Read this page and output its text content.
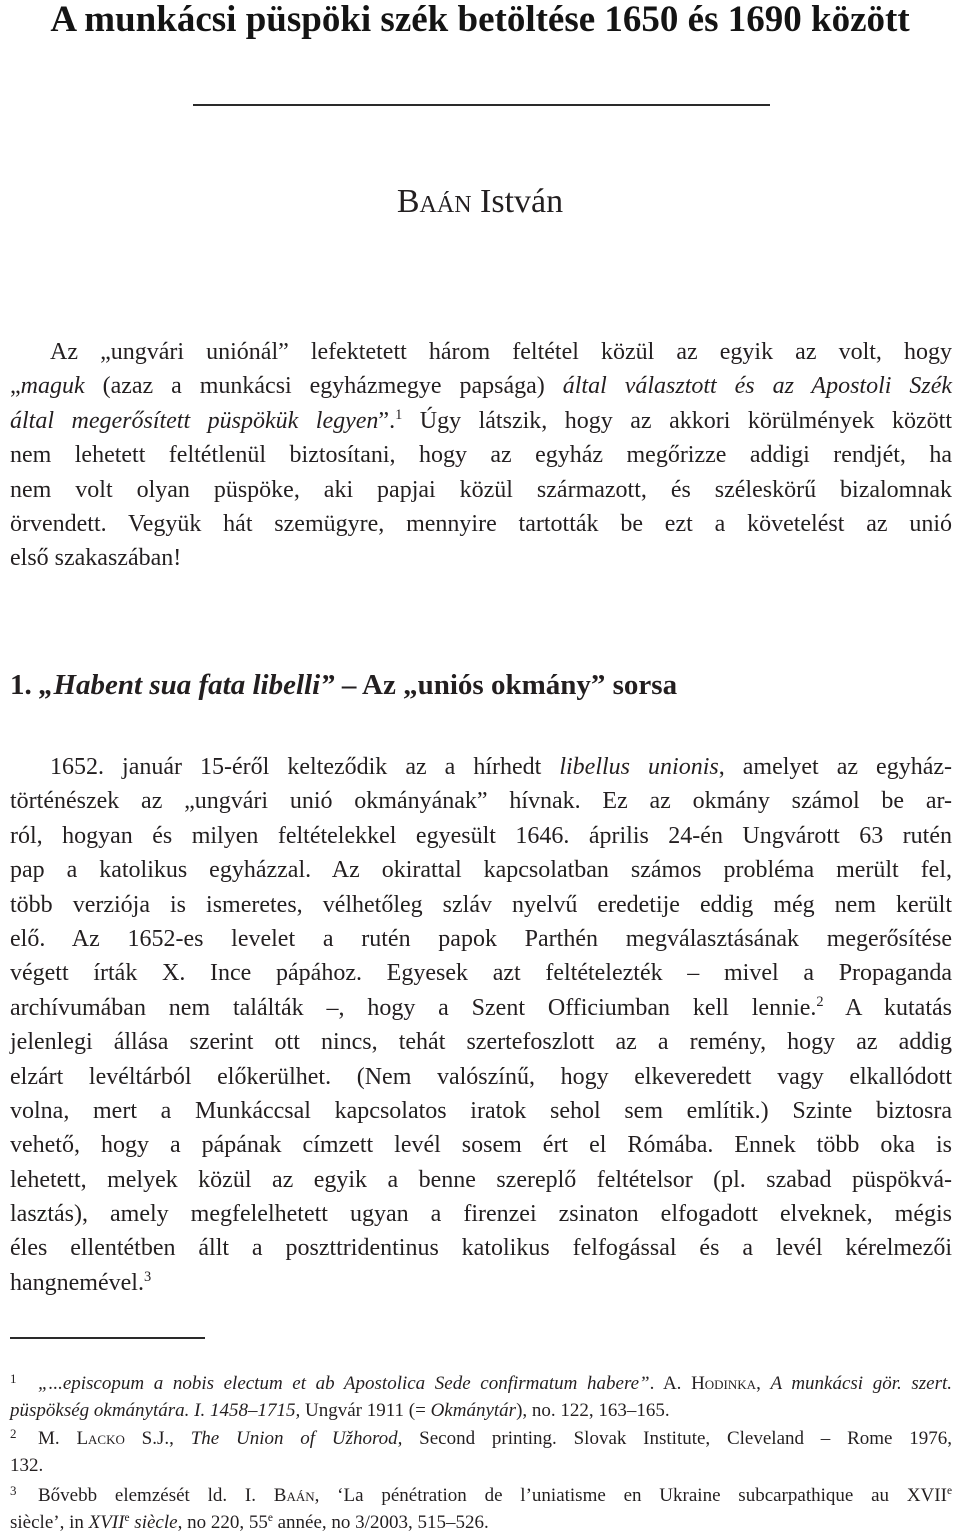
A munkácsi püspöki szék betöltése 1650 és 1690 között
Baán István
Az „ungvári uniónál” lefektetett három feltétel közül az egyik az volt, hogy
„maguk (azaz a munkácsi egyházmegye papsága) által választott és az Apostoli Szék
által megerősített püspökük legyen”.$^1$ Úgy látszik, hogy az akkori körülmények között
nem lehetett feltétlenül biztosítani, hogy az egyház megőrizze addigi rendjét, ha
nem volt olyan püspöke, aki papjai közül származott, és széleskörű bizalomnak
örvendett. Vegyük hát szemügyre, mennyire tartották be ezt a követelést az unió
első szakaszában!
1. „Habent sua fata libelli” – Az „uniós okmány” sorsa
1652. január 15-éről kelteződik az a hírhedt libellus unionis, amelyet az egyház-
történészek az „ungvári unió okmányának” hívnak. Ez az okmány számol be ar-
ról, hogyan és milyen feltételekkel egyesült 1646. április 24-én Ungvárott 63 rutén
pap a katolikus egyházzal. Az okirattal kapcsolatban számos probléma merült fel,
több verziója is ismeretes, vélhetőleg szláv nyelvű eredetije eddig még nem került
elő. Az 1652-es levelet a rutén papok Parthén megválasztásának megerősítése
végett írták X. Ince pápához. Egyesek azt feltételezték – mivel a Propaganda
archívumában nem találták –, hogy a Szent Officiumban kell lennie.$^2$ A kutatás
jelenlegi állása szerint ott nincs, tehát szertefoszlott az a remény, hogy az addig
elzárt levéltárból előkerülhet. (Nem valószínű, hogy elkeveredett vagy elkallódott
volna, mert a Munkáccsal kapcsolatos iratok sehol sem említik.) Szinte biztosra
vehető, hogy a pápának címzett levél sosem ért el Rómába. Ennek több oka is
lehetett, melyek közül az egyik a benne szereplő feltételsor (pl. szabad püspökvá-
lasztás), amely megfelelhetett ugyan a firenzei zsinaton elfogadott elveknek, mégis
éles ellentétben állt a poszttridentinus katolikus felfogással és a levél kérelmezői
hangnemével.$^3$
1 „...episcopum a nobis electum et ab Apostolica Sede confirmatum habere”. A. Hodinka, A munkácsi gör. szert.
püspökség okmánytára. I. 1458–1715, Ungvár 1911 (= Okmánytár), no. 122, 163–165.
2 M. Lacko S.J., The Union of Užhorod, Second printing. Slovak Institute, Cleveland – Rome 1976,
132.
3 Bővebb elemzését ld. I. Baán, ‘La pénétration de l’uniatisme en Ukraine subcarpathique au XVIIe
siècle’, in XVIIe siècle, no 220, 55e année, no 3/2003, 515–526.
